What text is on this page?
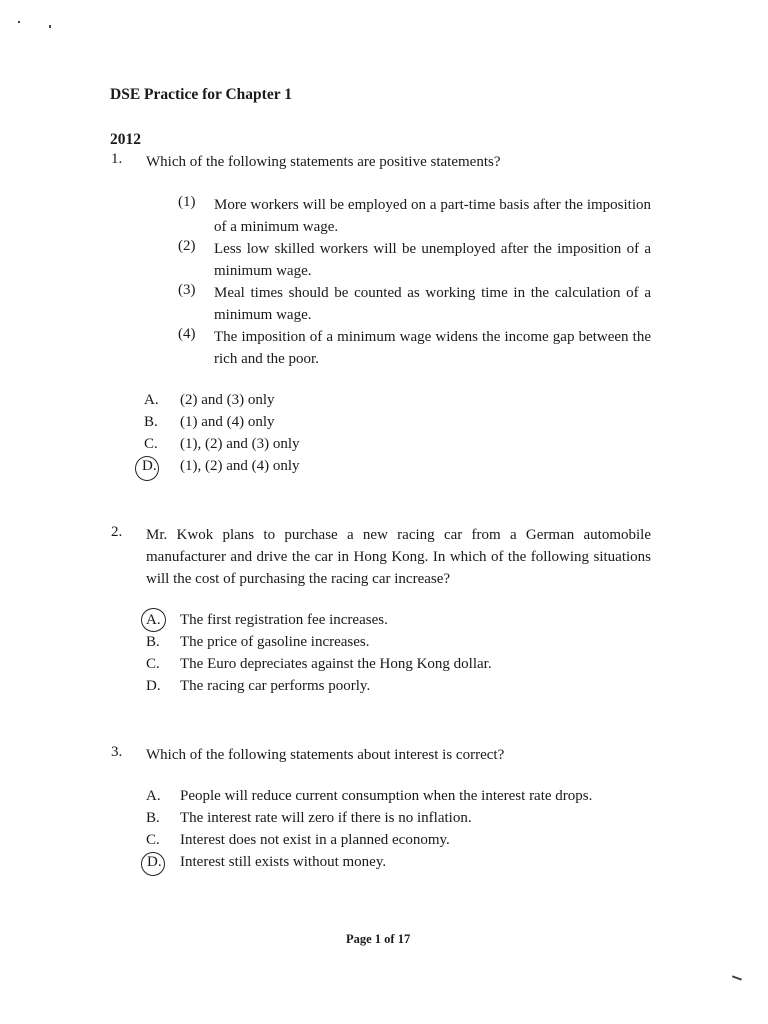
DSE Practice for Chapter 1
2012
1. Which of the following statements are positive statements?
(1) More workers will be employed on a part-time basis after the imposition of a minimum wage.
(2) Less low skilled workers will be unemployed after the imposition of a minimum wage.
(3) Meal times should be counted as working time in the calculation of a minimum wage.
(4) The imposition of a minimum wage widens the income gap between the rich and the poor.
A. (2) and (3) only
B. (1) and (4) only
C. (1), (2) and (3) only
D. (1), (2) and (4) only
2. Mr. Kwok plans to purchase a new racing car from a German automobile manufacturer and drive the car in Hong Kong. In which of the following situations will the cost of purchasing the racing car increase?
A. The first registration fee increases.
B. The price of gasoline increases.
C. The Euro depreciates against the Hong Kong dollar.
D. The racing car performs poorly.
3. Which of the following statements about interest is correct?
A. People will reduce current consumption when the interest rate drops.
B. The interest rate will zero if there is no inflation.
C. Interest does not exist in a planned economy.
D. Interest still exists without money.
Page 1 of 17
